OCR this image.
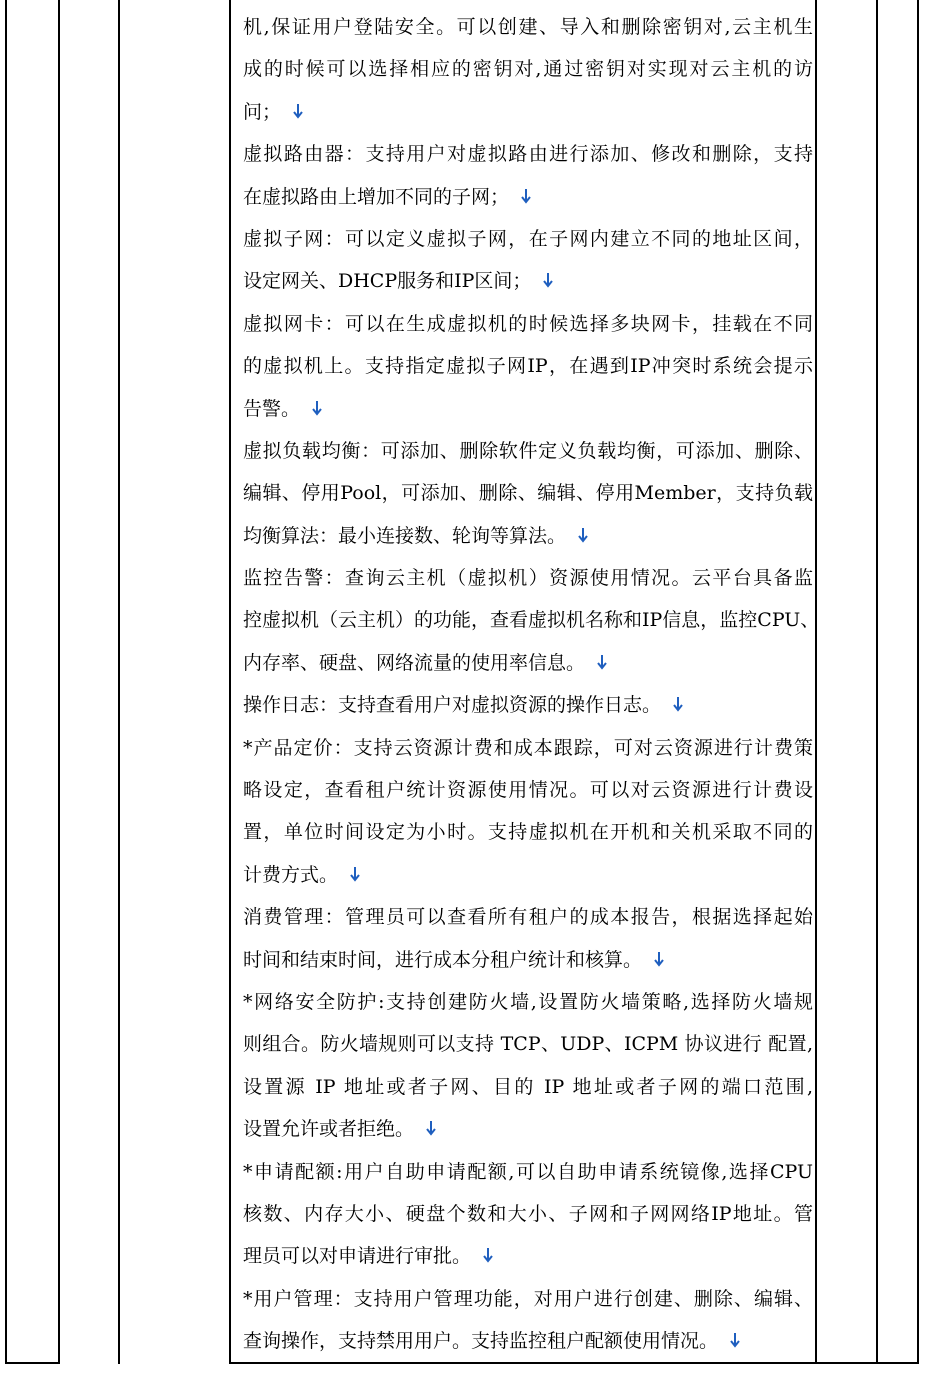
机,保证用户登陆安全。可以创建、导入和删除密钥对,云主机生
成的时候可以选择相应的密钥对,通过密钥对实现对云主机的访
问；
虚拟路由器：支持用户对虚拟路由进行添加、修改和删除，支持
在虚拟路由上增加不同的子网；
虚拟子网：可以定义虚拟子网，在子网内建立不同的地址区间，
设定网关、DHCP服务和IP区间；
虚拟网卡：可以在生成虚拟机的时候选择多块网卡，挂载在不同
的虚拟机上。支持指定虚拟子网IP，在遇到IP冲突时系统会提示
告警。
虚拟负载均衡：可添加、删除软件定义负载均衡，可添加、删除、
编辑、停用Pool，可添加、删除、编辑、停用Member，支持负载
均衡算法：最小连接数、轮询等算法。
监控告警：查询云主机（虚拟机）资源使用情况。云平台具备监
控虚拟机（云主机）的功能，查看虚拟机名称和IP信息，监控CPU、
内存率、硬盘、网络流量的使用率信息。
操作日志：支持查看用户对虚拟资源的操作日志。
*产品定价：支持云资源计费和成本跟踪，可对云资源进行计费策
略设定，查看租户统计资源使用情况。可以对云资源进行计费设
置，单位时间设定为小时。支持虚拟机在开机和关机采取不同的
计费方式。
消费管理：管理员可以查看所有租户的成本报告，根据选择起始
时间和结束时间，进行成本分租户统计和核算。
*网络安全防护:支持创建防火墙,设置防火墙策略,选择防火墙规
则组合。防火墙规则可以支持 TCP、UDP、ICPM 协议进行 配置,
设置源 IP 地址或者子网、目的 IP 地址或者子网的端口范围,
设置允许或者拒绝。
*申请配额:用户自助申请配额,可以自助申请系统镜像,选择CPU
核数、内存大小、硬盘个数和大小、子网和子网网络IP地址。管
理员可以对申请进行审批。
*用户管理：支持用户管理功能，对用户进行创建、删除、编辑、
查询操作，支持禁用用户。支持监控租户配额使用情况。
